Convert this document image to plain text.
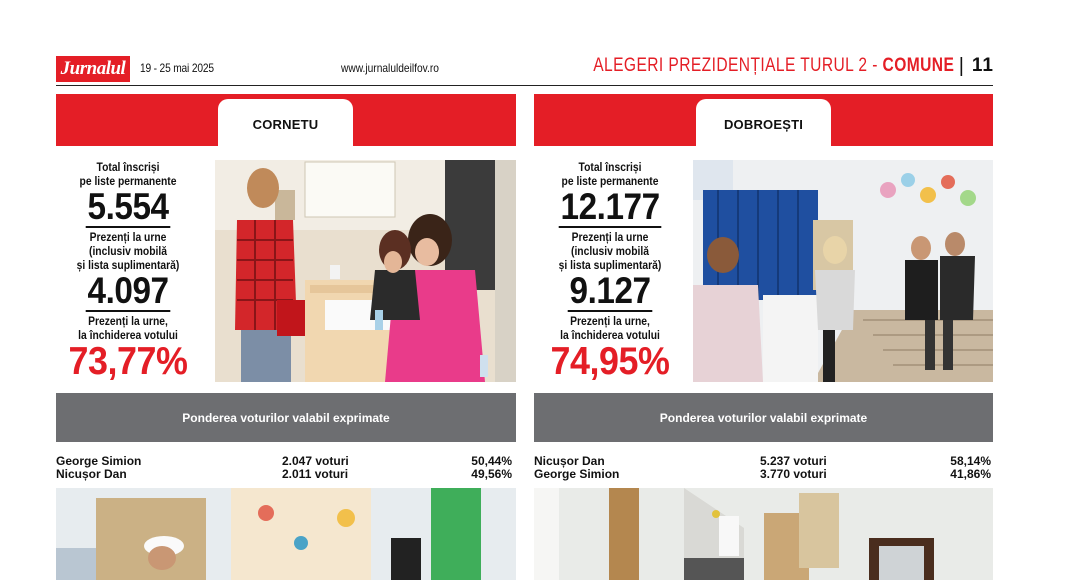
Jurnalul	19 - 25 mai 2025	www.jurnaluldeilfov.ro	ALEGERI PREZIDENȚIALE TURUL 2 - COMUNE | 11
CORNETU
Total înscriși
pe liste permanente
5.554
Prezenți la urne
(inclusiv mobilă
și lista suplimentară)
4.097
Prezenți la urne,
la închiderea votului
73,77%
Ponderea voturilor valabil exprimate
George Simion	2.047 voturi	50,44%
Nicușor Dan	2.011 voturi	49,56%
DOBROEȘTI
Total înscriși
pe liste permanente
12.177
Prezenți la urne
(inclusiv mobilă
și lista suplimentară)
9.127
Prezenți la urne,
la închiderea votului
74,95%
Ponderea voturilor valabil exprimate
Nicușor Dan	5.237 voturi	58,14%
George Simion	3.770 voturi	41,86%
